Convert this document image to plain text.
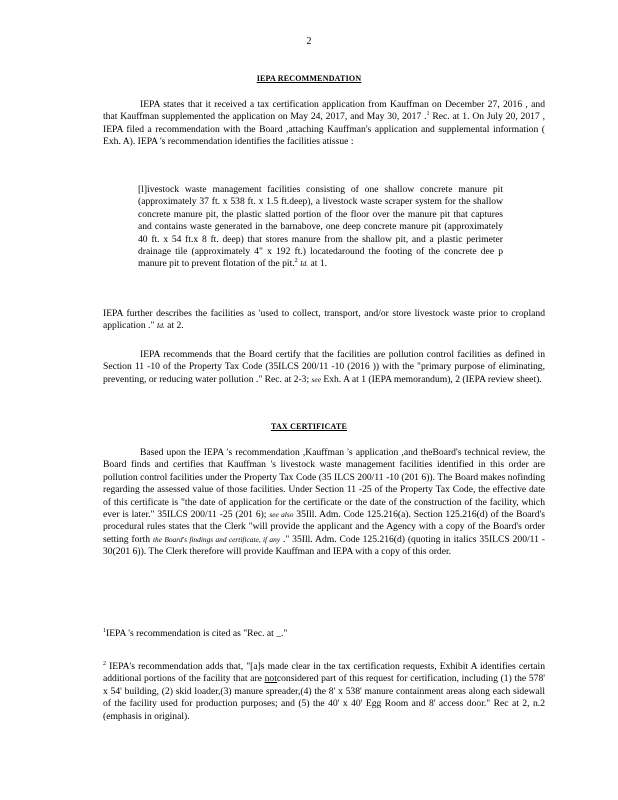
2
IEPA RECOMMENDATION
IEPA states that it received a tax certification application from Kauffman on December 27, 2016 , and that Kauffman supplemented the application on May 24, 2017, and May 30, 2017 .$^1$ Rec. at 1. On July 20, 2017 , IEPA filed a recommendation with the Board ,attaching Kauffman's application and supplemental information ( Exh. A). IEPA 's recommendation identifies the facilities atissue :
[l]ivestock waste management facilities consisting of one shallow concrete manure pit (approximately 37 ft. x 538 ft. x 1.5 ft.deep), a livestock waste scraper system for the shallow concrete manure pit, the plastic slatted portion of the floor over the manure pit that captures and contains waste generated in the barnabove, one deep concrete manure pit (approximately 40 ft. x 54 ft.x 8 ft. deep) that stores manure from the shallow pit, and a plastic perimeter drainage tile (approximately 4" x 192 ft.) locatedaround the footing of the concrete dee p manure pit to prevent flotation of the pit.$^2$ Id. at 1.
IEPA further describes the facilities as 'used to collect, transport, and/or store livestock waste prior to cropland application ." Id. at 2.
IEPA recommends that the Board certify that the facilities are pollution control facilities as defined in Section 11 -10 of the Property Tax Code (35ILCS 200/11 -10 (2016 )) with the "primary purpose of eliminating, preventing, or reducing water pollution ." Rec. at 2-3; see Exh. A at 1 (IEPA memorandum), 2 (IEPA review sheet).
TAX CERTIFICATE
Based upon the IEPA 's recommendation ,Kauffman 's application ,and theBoard's technical review, the Board finds and certifies that Kauffman 's livestock waste management facilities identified in this order are pollution control facilities under the Property Tax Code (35 ILCS 200/11 -10 (201 6)). The Board makes nofinding regarding the assessed value of those facilities. Under Section 11 -25 of the Property Tax Code, the effective date of this certificate is "the date of application for the certificate or the date of the construction of the facility, which ever is later." 35ILCS 200/11 -25 (201 6); see also 35Ill. Adm. Code 125.216(a). Section 125.216(d) of the Board's procedural rules states that the Clerk "will provide the applicant and the Agency with a copy of the Board's order setting forth the Board's findings and certificate, if any ." 35Ill. Adm. Code 125.216(d) (quoting in italics 35ILCS 200/11 - 30(201 6)). The Clerk therefore will provide Kauffman and IEPA with a copy of this order.
$^1$IEPA 's recommendation is cited as "Rec. at _."
$^2$ IEPA's recommendation adds that, "[a]s made clear in the tax certification requests, Exhibit A identifies certain additional portions of the facility that are notconsidered part of this request for certification, including (1) the 578' x 54' building, (2) skid loader,(3) manure spreader,(4) the 8' x 538' manure containment areas along each sidewall of the facility used for production purposes; and (5) the 40' x 40' Egg Room and 8' access door." Rec at 2, n.2 (emphasis in original).
